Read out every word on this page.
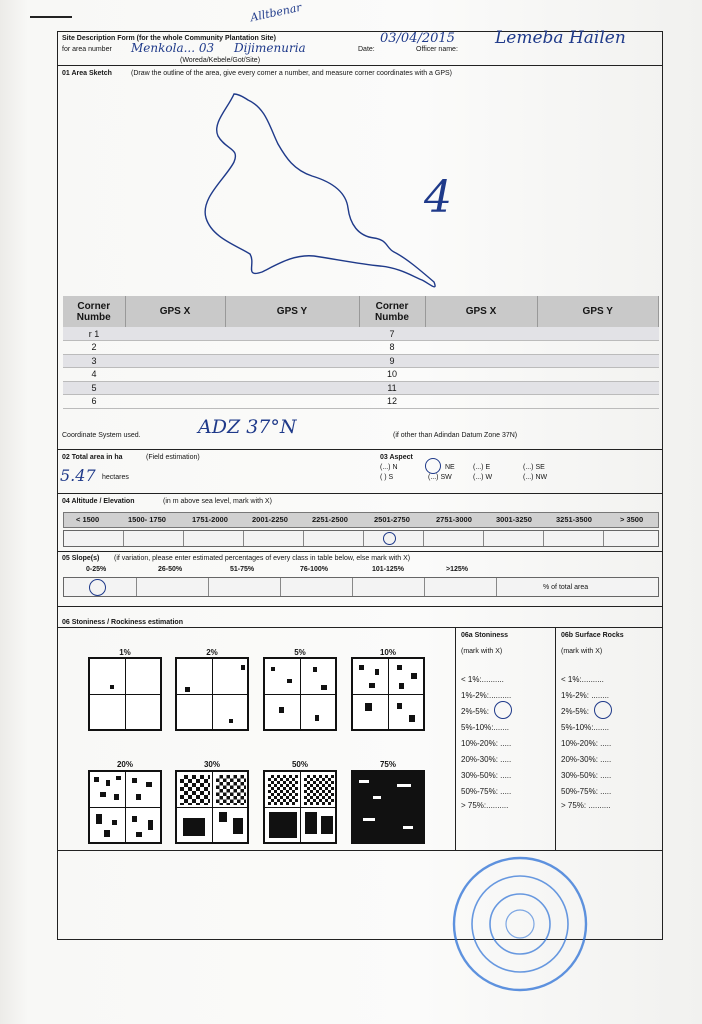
Site Description Form (for the whole Community Plantation Site)
for area number Menkola... 03 Dijimenuria
(Woreda/Kebele/Got/Site)
Alltbenar
Date:
03/04/2015
Officer name:
Lemeba Hailen
01 Area Sketch	(Draw the outline of the area, give every corner a number, and measure corner coordinates with a GPS)
4
Corner Numbe	GPS X	GPS Y	Corner Numbe	GPS X	GPS Y
r 1			7		
2			8		
3			9		
4			10		
5			11		
6			12		
Coordinate System used.	ADZ 37°N	(if other than Adindan Datum Zone 37N)
02 Total area in ha	(Field estimation)
5.47 hectares
03 Aspect
(...) N	NE	(...) E	(...) SE
( ) S	(...) SW	(...) W	(...) NW
04 Altitude / Elevation	(in m above sea level, mark with X)
< 1500	1500- 1750	1751-2000	2001-2250	2251-2500	2501-2750	2751-3000	3001-3250	3251-3500	> 3500
05 Slope(s) (if variation, please enter estimated percentages of every class in table below, else mark with X)
0-25%	26-50%	51-75%	76-100%	101-125%	>125%
% of total area
06 Stoniness / Rockiness estimation
1%	2%	5%	10%
20%	30%	50%	75%
06a Stoniness
(mark with X)
06b Surface Rocks
(mark with X)
< 1%:..........
1%-2%:..........
2%-5%:
5%-10%:.......
10%-20%: .....
20%-30%: .....
30%-50%: .....
50%-75%: .....
> 75%:..........
< 1%:..........
1%-2%: ........
2%-5%:
5%-10%:.......
10%-20%: .....
20%-30%: .....
30%-50%: .....
50%-75%: .....
> 75%: ..........
